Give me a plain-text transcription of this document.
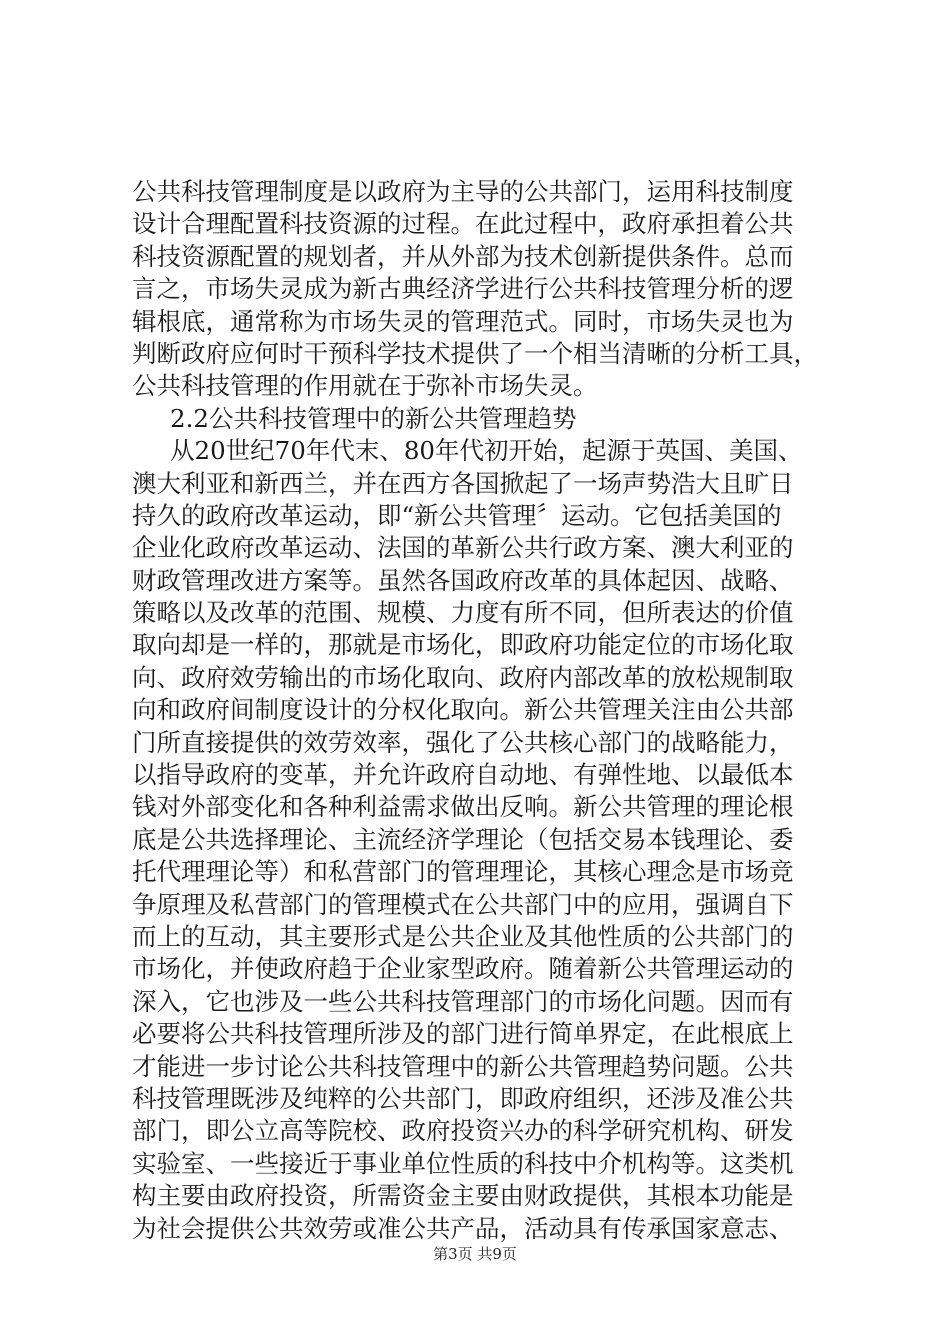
公共科技管理制度是以政府为主导的公共部门，运用科技制度
设计合理配置科技资源的过程。在此过程中，政府承担着公共
科技资源配置的规划者，并从外部为技术创新提供条件。总而
言之，市场失灵成为新古典经济学进行公共科技管理分析的逻
辑根底，通常称为市场失灵的管理范式。同时，市场失灵也为
判断政府应何时干预科学技术提供了一个相当清晰的分析工具，
公共科技管理的作用就在于弥补市场失灵。
2.2公共科技管理中的新公共管理趋势
从20世纪70年代末、80年代初开始，起源于英国、美国、
澳大利亚和新西兰，并在西方各国掀起了一场声势浩大且旷日
持久的政府改革运动，即“新公共管理〞运动。它包括美国的
企业化政府改革运动、法国的革新公共行政方案、澳大利亚的
财政管理改进方案等。虽然各国政府改革的具体起因、战略、
策略以及改革的范围、规模、力度有所不同，但所表达的价值
取向却是一样的，那就是市场化，即政府功能定位的市场化取
向、政府效劳输出的市场化取向、政府内部改革的放松规制取
向和政府间制度设计的分权化取向。新公共管理关注由公共部
门所直接提供的效劳效率，强化了公共核心部门的战略能力，
以指导政府的变革，并允许政府自动地、有弹性地、以最低本
钱对外部变化和各种利益需求做出反响。新公共管理的理论根
底是公共选择理论、主流经济学理论（包括交易本钱理论、委
托代理理论等）和私营部门的管理理论，其核心理念是市场竞
争原理及私营部门的管理模式在公共部门中的应用，强调自下
而上的互动，其主要形式是公共企业及其他性质的公共部门的
市场化，并使政府趋于企业家型政府。随着新公共管理运动的
深入，它也涉及一些公共科技管理部门的市场化问题。因而有
必要将公共科技管理所涉及的部门进行简单界定，在此根底上
才能进一步讨论公共科技管理中的新公共管理趋势问题。公共
科技管理既涉及纯粹的公共部门，即政府组织，还涉及准公共
部门，即公立高等院校、政府投资兴办的科学研究机构、研发
实验室、一些接近于事业单位性质的科技中介机构等。这类机
构主要由政府投资，所需资金主要由财政提供，其根本功能是
为社会提供公共效劳或准公共产品，活动具有传承国家意志、
第3页 共9页
